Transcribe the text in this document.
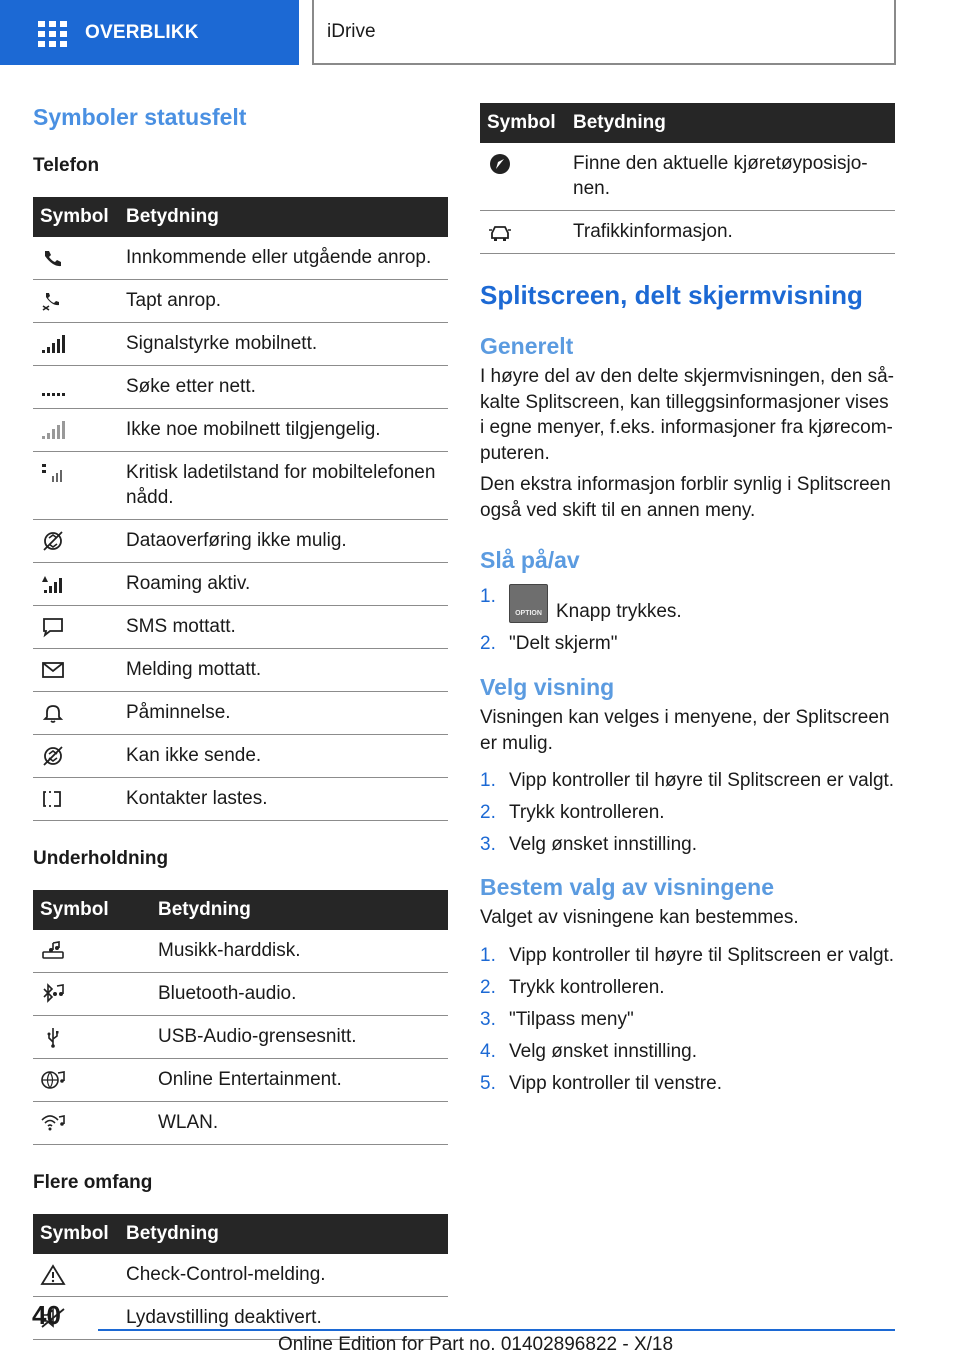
OVERBLIKK	iDrive
Symboler statusfelt
Telefon
Symbol	Betydning

	Innkommende eller utgående anrop.

	Tapt anrop.

	Signalstyrke mobilnett.

	Søke etter nett.

	Ikke noe mobilnett tilgjengelig.

	Kritisk ladetilstand for mobiltelefonen nådd.

	Dataoverføring ikke mulig.

	Roaming aktiv.

	SMS mottatt.

	Melding mottatt.

	Påminnelse.

	Kan ikke sende.

	Kontakter lastes.
Underholdning
Symbol	Betydning

	Musikk-harddisk.

	Bluetooth-audio.

	USB-Audio-grensesnitt.

	Online Entertainment.

	WLAN.
Flere omfang
Symbol	Betydning

	Check-Control-melding.

	Lydavstilling deaktivert.
Symbol	Betydning

	Finne den aktuelle kjøretøyposisjo-nen.

	Trafikkinformasjon.
Splitscreen, delt skjermvisning
Generelt

I høyre del av den delte skjermvisningen, den så-kalte Splitscreen, kan tilleggsinformasjoner vises i egne menyer, f.eks. informasjoner fra kjørecom-puteren.

Den ekstra informasjon forblir synlig i Splitscreen også ved skift til en annen meny.

Slå på/av
1.
OPTION Knapp trykkes.
2. "Delt skjerm"
Velg visning

Visningen kan velges i menyene, der Splitscreen er mulig.

1. Vipp kontroller til høyre til Splitscreen er valgt.
2. Trykk kontrolleren.
3. Velg ønsket innstilling.
Bestem valg av visningene

Valget av visningene kan bestemmes.

1. Vipp kontroller til høyre til Splitscreen er valgt.
2. Trykk kontrolleren.
3. "Tilpass meny"
4. Velg ønsket innstilling.
5. Vipp kontroller til venstre.
40
Online Edition for Part no. 01402896822 - X/18
